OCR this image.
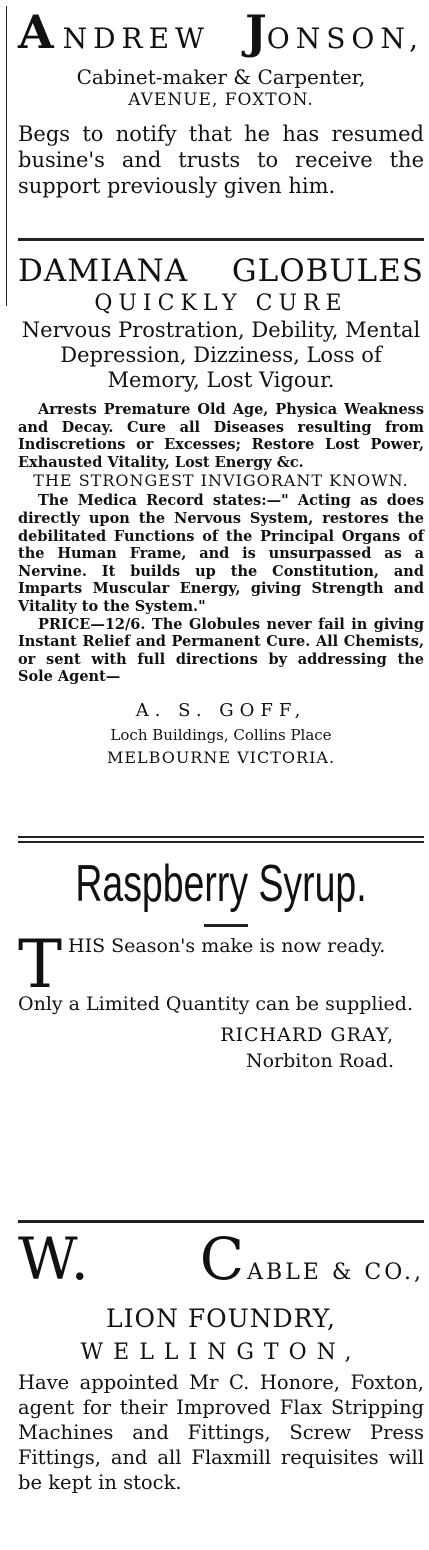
A NDREW JONSON,
Cabinet-maker & Carpenter,
AVENUE, FOXTON.
Begs to notify that he has resumed busine's and trusts to receive the support previously given him.
DAMIANA GLOBULES
QUICKLY CURE
Nervous Prostration, Debility, Mental Depression, Dizziness, Loss of Memory, Lost Vigour.
Arrests Premature Old Age, Physica Weakness and Decay. Cure all Diseases resulting from Indiscretions or Excesses; Restore Lost Power, Exhausted Vitality, Lost Energy &c.
THE STRONGEST INVIGORANT KNOWN.
The Medica Record states:—" Acting as does directly upon the Nervous System, restores the debilitated Functions of the Principal Organs of the Human Frame, and is unsurpassed as a Nervine. It builds up the Constitution, and Imparts Muscular Energy, giving Strength and Vitality to the System."
PRICE—12/6. The Globules never fail in giving Instant Relief and Permanent Cure. All Chemists, or sent with full directions by addressing the Sole Agent—
A. S. GOFF,
Loch Buildings, Collins Place
MELBOURNE VICTORIA.
Raspberry Syrup.
T HIS Season's make is now ready.
Only a Limited Quantity can be supplied.
RICHARD GRAY,
Norbiton Road.
W. CABLE & CO.,
LION FOUNDRY,
WELLINGTON,
Have appointed Mr C. Honore, Foxton, agent for their Improved Flax Stripping Machines and Fittings, Screw Press Fittings, and all Flaxmill requisites will be kept in stock.
